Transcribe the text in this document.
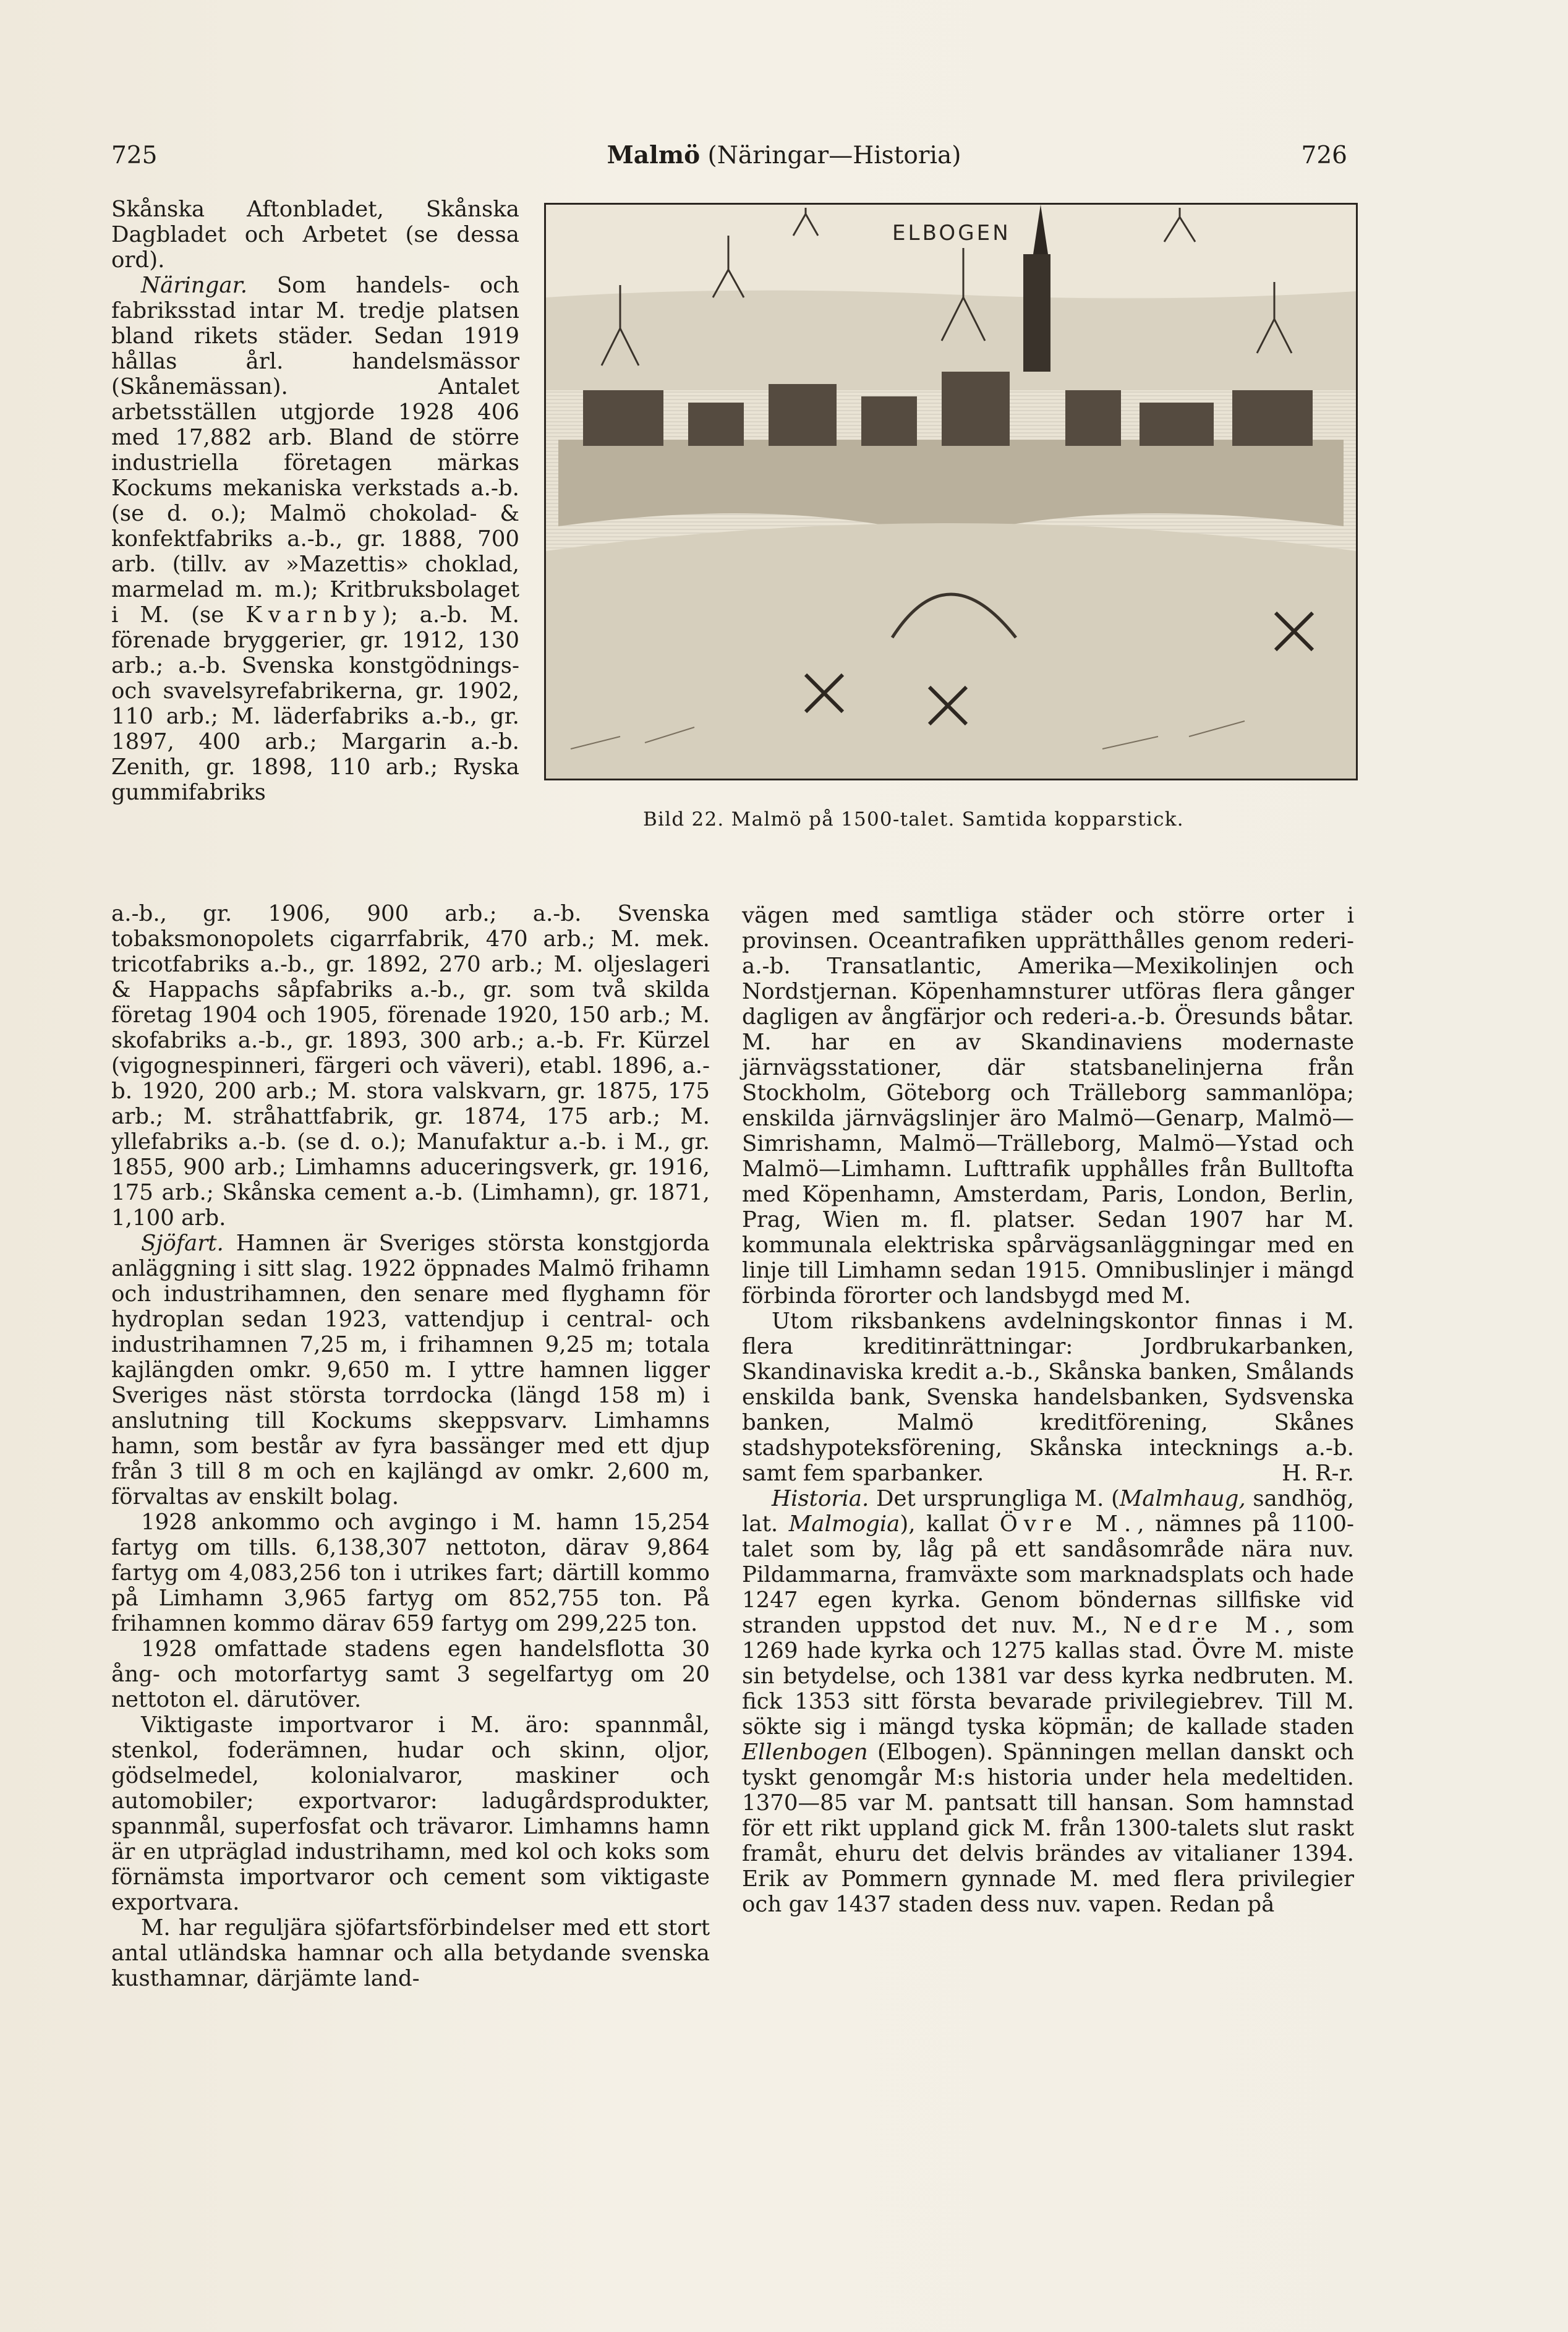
725	Malmö (Näringar—Historia)	726

Skånska Aftonbladet, Skånska Dagbladet och Arbetet (se dessa ord).

Näringar. Som handels- och fabriksstad intar M. tredje platsen bland rikets städer. Sedan 1919 hållas årl. handelsmässor (Skånemässan). Antalet arbetsställen utgjorde 1928 406 med 17,882 arb. Bland de större industriella företagen märkas Kockums mekaniska verkstads a.-b. (se d. o.); Malmö chokolad- & konfektfabriks a.-b., gr. 1888, 700 arb. (tillv. av »Mazettis» choklad, marmelad m. m.); Kritbruksbolaget i M. (se Kvarnby); a.-b. M. förenade bryggerier, gr. 1912, 130 arb.; a.-b. Svenska konstgödnings- och svavelsyrefabrikerna, gr. 1902, 110 arb.; M. läderfabriks a.-b., gr. 1897, 400 arb.; Margarin a.-b. Zenith, gr. 1898, 110 arb.; Ryska gummifabriks

ELBOGEN
Bild 22. Malmö på 1500-talet. Samtida kopparstick.

a.-b., gr. 1906, 900 arb.; a.-b. Svenska tobaksmonopolets cigarrfabrik, 470 arb.; M. mek. tricotfabriks a.-b., gr. 1892, 270 arb.; M. oljeslageri & Happachs såpfabriks a.-b., gr. som två skilda företag 1904 och 1905, förenade 1920, 150 arb.; M. skofabriks a.-b., gr. 1893, 300 arb.; a.-b. Fr. Kürzel (vigognespinneri, färgeri och väveri), etabl. 1896, a.-b. 1920, 200 arb.; M. stora valskvarn, gr. 1875, 175 arb.; M. stråhattfabrik, gr. 1874, 175 arb.; M. yllefabriks a.-b. (se d. o.); Manufaktur a.-b. i M., gr. 1855, 900 arb.; Limhamns aduceringsverk, gr. 1916, 175 arb.; Skånska cement a.-b. (Limhamn), gr. 1871, 1,100 arb.

Sjöfart. Hamnen är Sveriges största konstgjorda anläggning i sitt slag. 1922 öppnades Malmö frihamn och industrihamnen, den senare med flyghamn för hydroplan sedan 1923, vattendjup i central- och industrihamnen 7,25 m, i frihamnen 9,25 m; totala kajlängden omkr. 9,650 m. I yttre hamnen ligger Sveriges näst största torrdocka (längd 158 m) i anslutning till Kockums skeppsvarv. Limhamns hamn, som består av fyra bassänger med ett djup från 3 till 8 m och en kajlängd av omkr. 2,600 m, förvaltas av enskilt bolag.

1928 ankommo och avgingo i M. hamn 15,254 fartyg om tills. 6,138,307 nettoton, därav 9,864 fartyg om 4,083,256 ton i utrikes fart; därtill kommo på Limhamn 3,965 fartyg om 852,755 ton. På frihamnen kommo därav 659 fartyg om 299,225 ton.

1928 omfattade stadens egen handelsflotta 30 ång- och motorfartyg samt 3 segelfartyg om 20 nettoton el. därutöver.

Viktigaste importvaror i M. äro: spannmål, stenkol, foderämnen, hudar och skinn, oljor, gödselmedel, kolonialvaror, maskiner och automobiler; exportvaror: ladugårdsprodukter, spannmål, superfosfat och trävaror. Limhamns hamn är en utpräglad industrihamn, med kol och koks som förnämsta importvaror och cement som viktigaste exportvara.

M. har reguljära sjöfartsförbindelser med ett stort antal utländska hamnar och alla betydande svenska kusthamnar, därjämte land-

vägen med samtliga städer och större orter i provinsen. Oceantrafiken upprätthålles genom rederi-a.-b. Transatlantic, Amerika—Mexikolinjen och Nordstjernan. Köpenhamnsturer utföras flera gånger dagligen av ångfärjor och rederi-a.-b. Öresunds båtar. M. har en av Skandinaviens modernaste järnvägsstationer, där statsbanelinjerna från Stockholm, Göteborg och Trälleborg sammanlöpa; enskilda järnvägslinjer äro Malmö—Genarp, Malmö—Simrishamn, Malmö—Trälleborg, Malmö—Ystad och Malmö—Limhamn. Lufttrafik upphålles från Bulltofta med Köpenhamn, Amsterdam, Paris, London, Berlin, Prag, Wien m. fl. platser. Sedan 1907 har M. kommunala elektriska spårvägsanläggningar med en linje till Limhamn sedan 1915. Omnibuslinjer i mängd förbinda förorter och landsbygd med M.

Utom riksbankens avdelningskontor finnas i M. flera kreditinrättningar: Jordbrukarbanken, Skandinaviska kredit a.-b., Skånska banken, Smålands enskilda bank, Svenska handelsbanken, Sydsvenska banken, Malmö kreditförening, Skånes stadshypoteksförening, Skånska intecknings a.-b. samt fem sparbanker.	H. R-r.

Historia. Det ursprungliga M. (Malmhaug, sandhög, lat. Malmogia), kallat Övre M., nämnes på 1100-talet som by, låg på ett sandåsområde nära nuv. Pildammarna, framväxte som marknadsplats och hade 1247 egen kyrka. Genom böndernas sillfiske vid stranden uppstod det nuv. M., Nedre M., som 1269 hade kyrka och 1275 kallas stad. Övre M. miste sin betydelse, och 1381 var dess kyrka nedbruten. M. fick 1353 sitt första bevarade privilegiebrev. Till M. sökte sig i mängd tyska köpmän; de kallade staden Ellenbogen (Elbogen). Spänningen mellan danskt och tyskt genomgår M:s historia under hela medeltiden. 1370—85 var M. pantsatt till hansan. Som hamnstad för ett rikt uppland gick M. från 1300-talets slut raskt framåt, ehuru det delvis brändes av vitalianer 1394. Erik av Pommern gynnade M. med flera privilegier och gav 1437 staden dess nuv. vapen. Redan på
